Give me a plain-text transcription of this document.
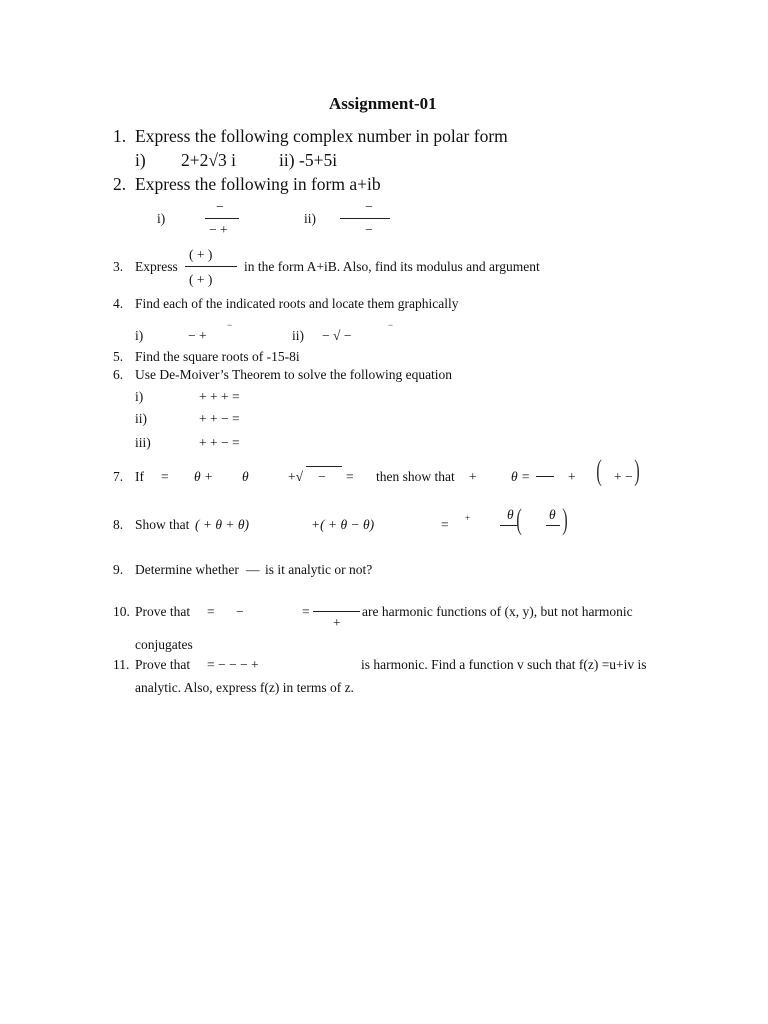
Assignment-01
1. Express the following complex number in polar form
i) 2+2√3 i ii) -5+5i
2. Express the following in form a+ib
i)
−
− +
ii)
−
−
3. Express
( + )
( + )
in the form A+iB. Also, find its modulus and argument
4. Find each of the indicated roots and locate them graphically
i)	− +
−
ii) − √ −
−
5. Find the square roots of -15-8i
6. Use De-Moiver’s Theorem to solve the following equation
i)	+ + + =
ii)	+ + − =
iii)	+ + − =
7. If = θ + θ	+√ − = then show that +	θ =	+ ( + − )
8. Show that ( + θ + θ)	+( + θ − θ)	= +	θ ( θ )
9. Determine whether — is it analytic or not?
10. Prove that = −	=
+
are harmonic functions of (x, y), but not harmonic
conjugates
11. Prove that = − − − +	is harmonic. Find a function v such that f(z) =u+iv is
analytic. Also, express f(z) in terms of z.
